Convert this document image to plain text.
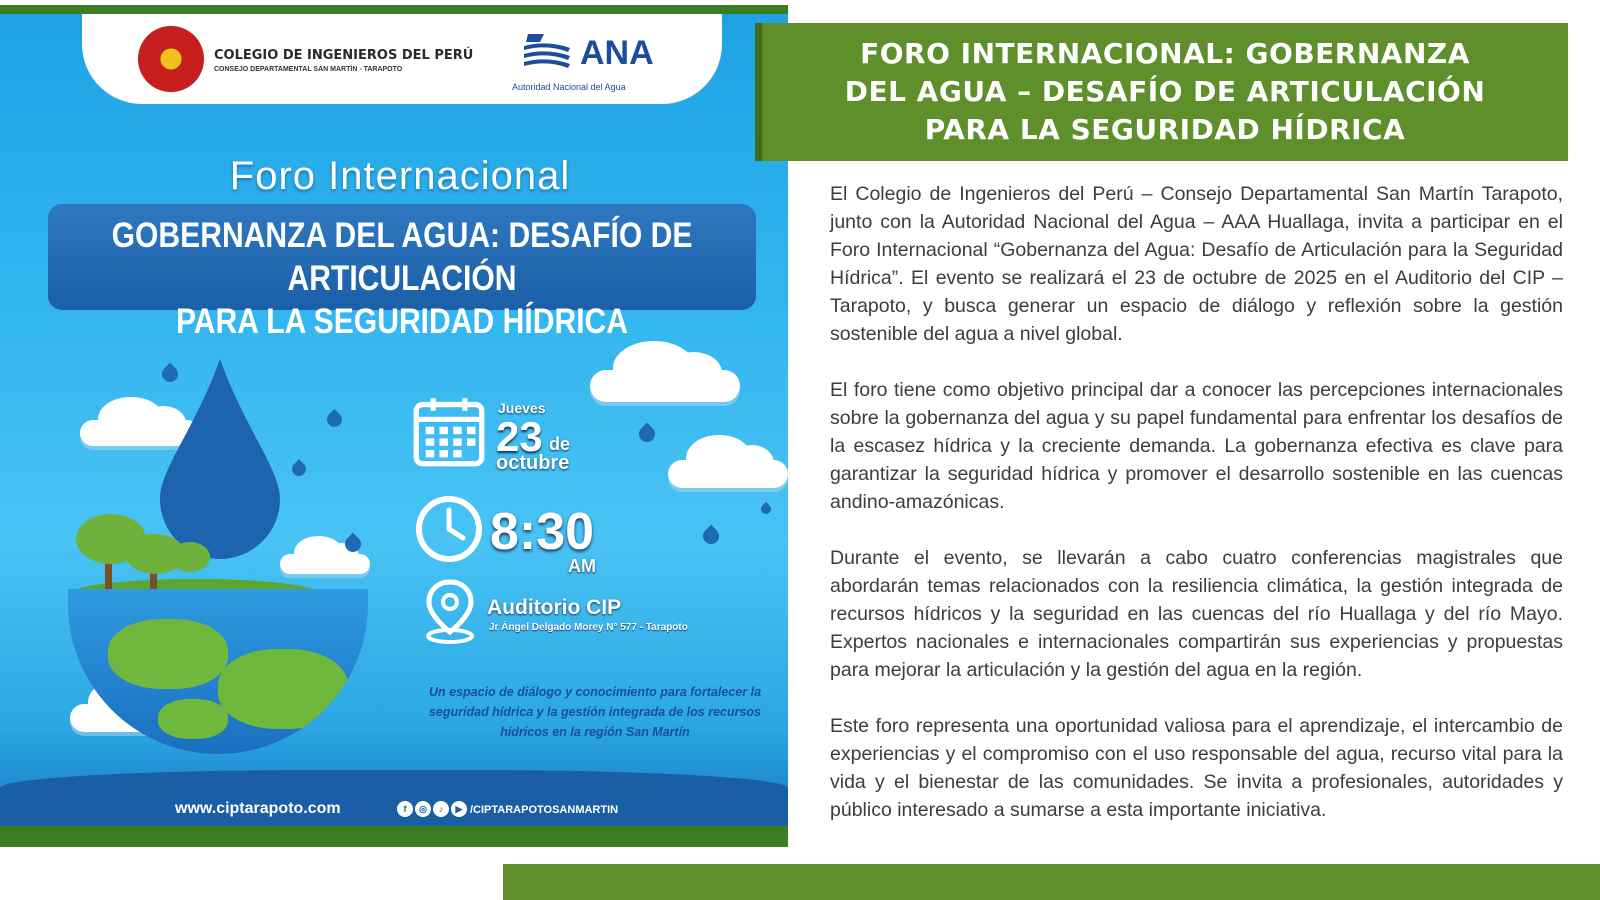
COLEGIO DE INGENIEROS DEL PERÚ
CONSEJO DEPARTAMENTAL SAN MARTÍN - TARAPOTO	ANA
Autoridad Nacional del Agua
Foro Internacional
GOBERNANZA DEL AGUA: DESAFÍO DE ARTICULACIÓN
PARA LA SEGURIDAD HÍDRICA
Jueves
23 de
octubre
8:30
AM
Auditorio CIP
Jr Ángel Delgado Morey N° 577 - Tarapoto
Un espacio de diálogo y conocimiento para fortalecer la seguridad hídrica y la gestión integrada de los recursos hídricos en la región San Martín
www.ciptarapoto.com	f	◎	♪	▶ /CIPTARAPOTOSANMARTIN
FORO INTERNACIONAL: GOBERNANZA
DEL AGUA – DESAFÍO DE ARTICULACIÓN
PARA LA SEGURIDAD HÍDRICA

El Colegio de Ingenieros del Perú – Consejo Departamental San Martín Tarapoto, junto con la Autoridad Nacional del Agua – AAA Huallaga, invita a participar en el Foro Internacional “Gobernanza del Agua: Desafío de Articulación para la Seguridad Hídrica”. El evento se realizará el 23 de octubre de 2025 en el Auditorio del CIP – Tarapoto, y busca generar un espacio de diálogo y reflexión sobre la gestión sostenible del agua a nivel global.

El foro tiene como objetivo principal dar a conocer las percepciones internacionales sobre la gobernanza del agua y su papel fundamental para enfrentar los desafíos de la escasez hídrica y la creciente demanda. La gobernanza efectiva es clave para garantizar la seguridad hídrica y promover el desarrollo sostenible en las cuencas andino-amazónicas.

Durante el evento, se llevarán a cabo cuatro conferencias magistrales que abordarán temas relacionados con la resiliencia climática, la gestión integrada de recursos hídricos y la seguridad en las cuencas del río Huallaga y del río Mayo. Expertos nacionales e internacionales compartirán sus experiencias y propuestas para mejorar la articulación y la gestión del agua en la región.

Este foro representa una oportunidad valiosa para el aprendizaje, el intercambio de experiencias y el compromiso con el uso responsable del agua, recurso vital para la vida y el bienestar de las comunidades. Se invita a profesionales, autoridades y público interesado a sumarse a esta importante iniciativa.
